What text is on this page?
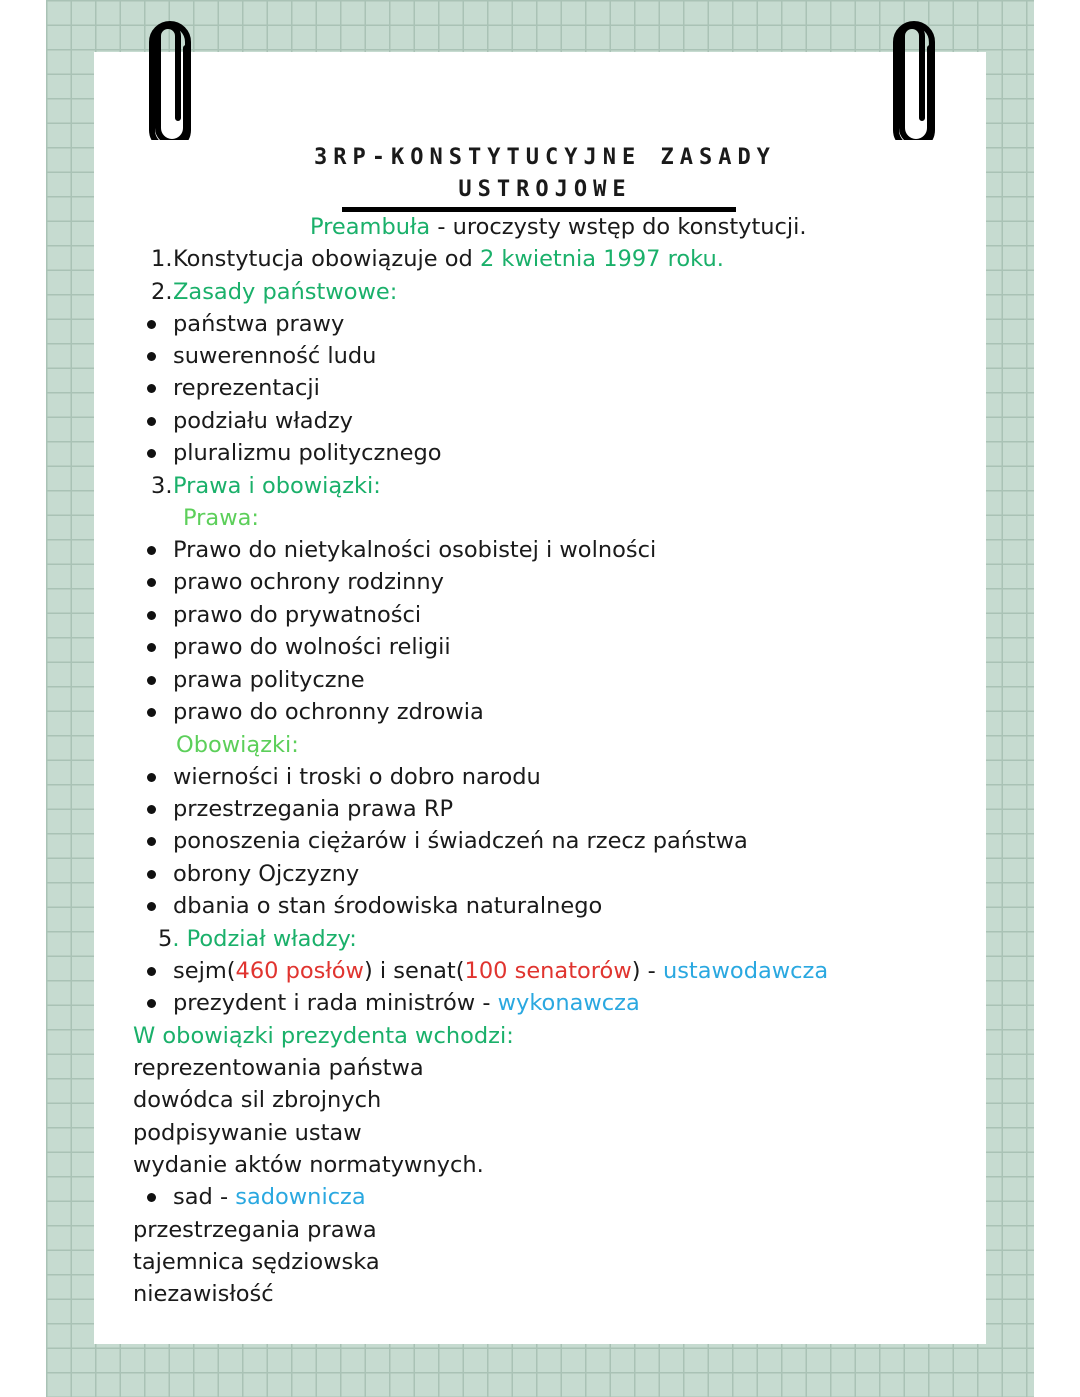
3RP-KONSTYTUCYJNE ZASADY
USTROJOWE
Preambuła - uroczysty wstęp do konstytucji.
1. Konstytucja obowiązuje od 2 kwietnia 1997 roku.
2. Zasady państwowe:
państwa prawy
suwerenność ludu
reprezentacji
podziału władzy
pluralizmu politycznego
3. Prawa i obowiązki:
Prawa:
Prawo do nietykalności osobistej i wolności
prawo ochrony rodzinny
prawo do prywatności
prawo do wolności religii
prawa polityczne
prawo do ochronny zdrowia
Obowiązki:
wierności i troski o dobro narodu
przestrzegania prawa RP
ponoszenia ciężarów i świadczeń na rzecz państwa
obrony Ojczyzny
dbania o stan środowiska naturalnego
5. Podział władzy:
sejm(460 posłów) i senat(100 senatorów) - ustawodawcza
prezydent i rada ministrów - wykonawcza
W obowiązki prezydenta wchodzi:
reprezentowania państwa
dowódca sil zbrojnych
podpisywanie ustaw
wydanie aktów normatywnych.
sad - sadownicza
przestrzegania prawa
tajemnica sędziowska
niezawisłość
